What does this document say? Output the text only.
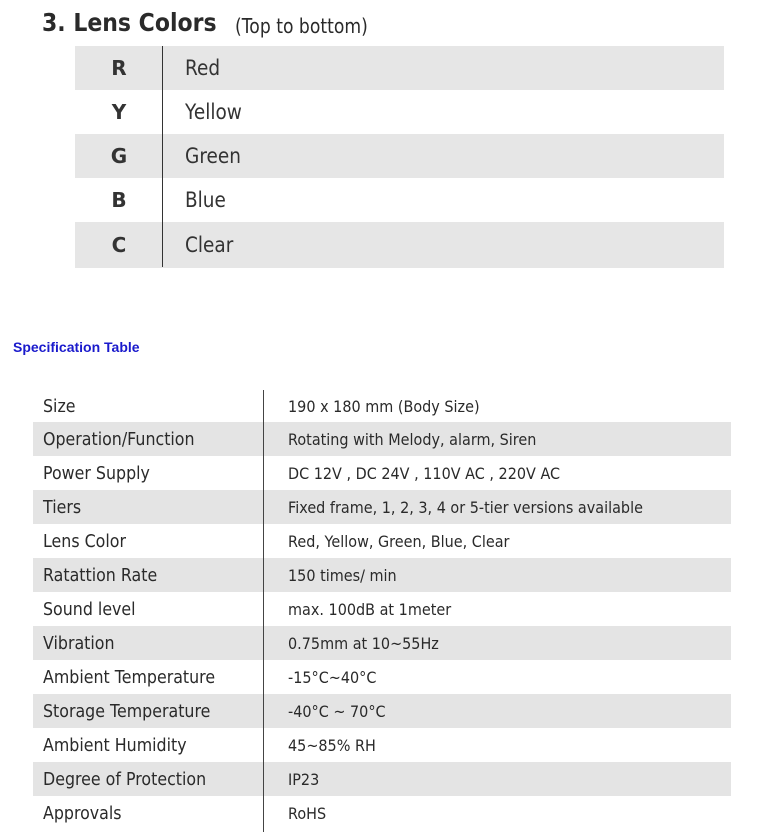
3. Lens Colors (Top to bottom)
R	Red
Y	Yellow
G	Green
B	Blue
C	Clear
Specification Table
Size	190 x 180 mm (Body Size)
Operation/Function	Rotating with Melody, alarm, Siren
Power Supply	DC 12V , DC 24V , 110V AC , 220V AC
Tiers	Fixed frame, 1, 2, 3, 4 or 5-tier versions available
Lens Color	Red, Yellow, Green, Blue, Clear
Ratattion Rate	150 times/ min
Sound level	max. 100dB at 1meter
Vibration	0.75mm at 10~55Hz
Ambient Temperature	-15°C~40°C
Storage Temperature	-40°C ~ 70°C
Ambient Humidity	45~85% RH
Degree of Protection	IP23
Approvals	RoHS
